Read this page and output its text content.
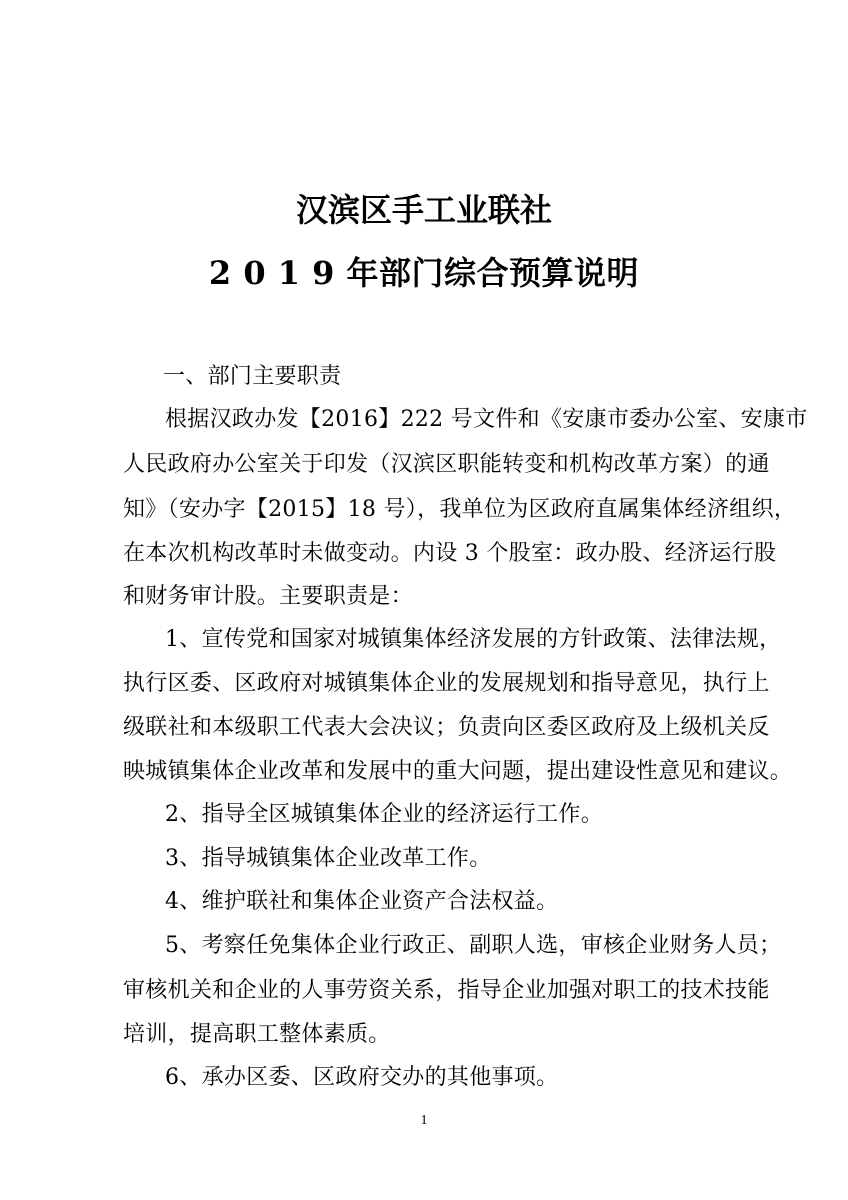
汉滨区手工业联社
2 0 1 9 年部门综合预算说明
一、部门主要职责
根据汉政办发【2016】222 号文件和《安康市委办公室、安康市
人民政府办公室关于印发（汉滨区职能转变和机构改革方案）的通
知》（安办字【2015】18 号），我单位为区政府直属集体经济组织，
在本次机构改革时未做变动。内设 3 个股室：政办股、经济运行股
和财务审计股。主要职责是：
1、宣传党和国家对城镇集体经济发展的方针政策、法律法规，
执行区委、区政府对城镇集体企业的发展规划和指导意见，执行上
级联社和本级职工代表大会决议；负责向区委区政府及上级机关反
映城镇集体企业改革和发展中的重大问题，提出建设性意见和建议。
2、指导全区城镇集体企业的经济运行工作。
3、指导城镇集体企业改革工作。
4、维护联社和集体企业资产合法权益。
5、考察任免集体企业行政正、副职人选，审核企业财务人员；
审核机关和企业的人事劳资关系，指导企业加强对职工的技术技能
培训，提高职工整体素质。
6、承办区委、区政府交办的其他事项。
1
